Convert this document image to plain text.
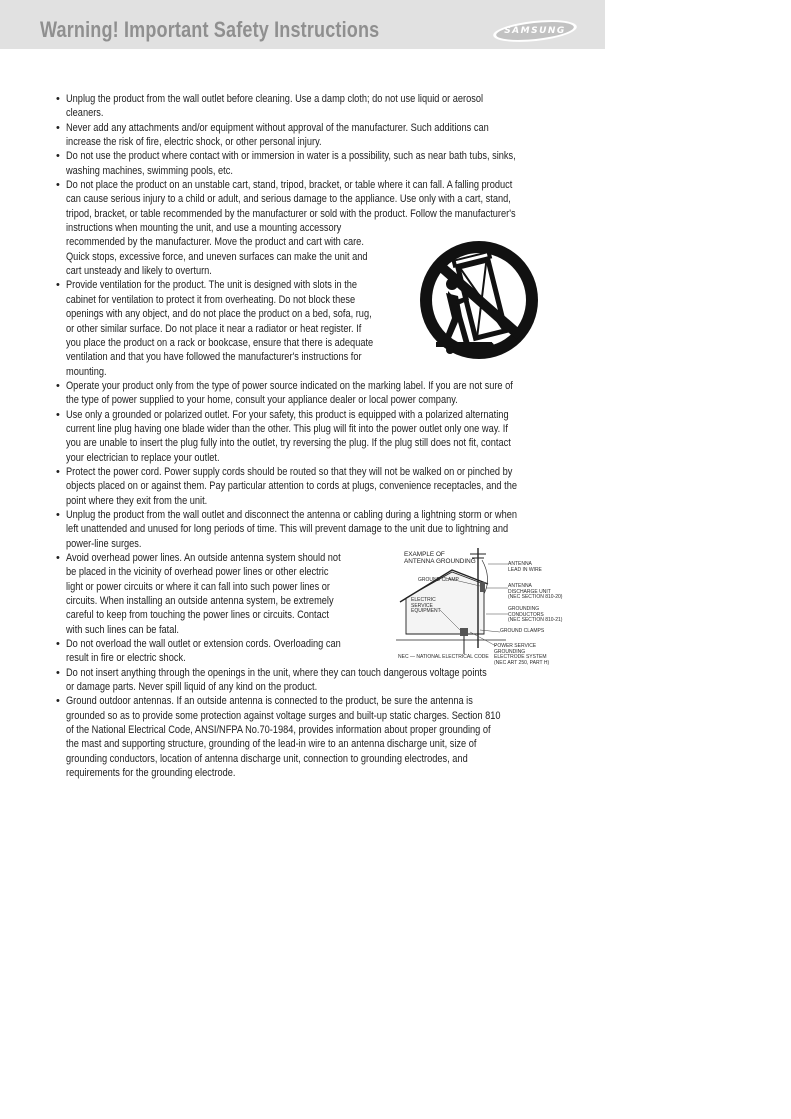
Warning! Important Safety Instructions	SAMSUNG
• Unplug the product from the wall outlet before cleaning. Use a damp cloth; do not use liquid or aerosol
cleaners.
• Never add any attachments and/or equipment without approval of the manufacturer. Such additions can
increase the risk of fire, electric shock, or other personal injury.
• Do not use the product where contact with or immersion in water is a possibility, such as near bath tubs, sinks,
washing machines, swimming pools, etc.
• Do not place the product on an unstable cart, stand, tripod, bracket, or table where it can fall. A falling product
can cause serious injury to a child or adult, and serious damage to the appliance. Use only with a cart, stand,
tripod, bracket, or table recommended by the manufacturer or sold with the product. Follow the manufacturer's
instructions when mounting the unit, and use a mounting accessory
recommended by the manufacturer. Move the product and cart with care.
Quick stops, excessive force, and uneven surfaces can make the unit and
cart unsteady and likely to overturn.
• Provide ventilation for the product. The unit is designed with slots in the
cabinet for ventilation to protect it from overheating. Do not block these
openings with any object, and do not place the product on a bed, sofa, rug,
or other similar surface. Do not place it near a radiator or heat register. If
you place the product on a rack or bookcase, ensure that there is adequate
ventilation and that you have followed the manufacturer's instructions for
mounting.
• Operate your product only from the type of power source indicated on the marking label. If you are not sure of
the type of power supplied to your home, consult your appliance dealer or local power company.
• Use only a grounded or polarized outlet. For your safety, this product is equipped with a polarized alternating
current line plug having one blade wider than the other. This plug will fit into the power outlet only one way. If
you are unable to insert the plug fully into the outlet, try reversing the plug. If the plug still does not fit, contact
your electrician to replace your outlet.
• Protect the power cord. Power supply cords should be routed so that they will not be walked on or pinched by
objects placed on or against them. Pay particular attention to cords at plugs, convenience receptacles, and the
point where they exit from the unit.
• Unplug the product from the wall outlet and disconnect the antenna or cabling during a lightning storm or when
left unattended and unused for long periods of time. This will prevent damage to the unit due to lightning and
power-line surges.
• Avoid overhead power lines. An outside antenna system should not
be placed in the vicinity of overhead power lines or other electric
light or power circuits or where it can fall into such power lines or
circuits. When installing an outside antenna system, be extremely
careful to keep from touching the power lines or circuits. Contact
with such lines can be fatal.
• Do not overload the wall outlet or extension cords. Overloading can
result in fire or electric shock.
• Do not insert anything through the openings in the unit, where they can touch dangerous voltage points
or damage parts. Never spill liquid of any kind on the product.
• Ground outdoor antennas. If an outside antenna is connected to the product, be sure the antenna is
grounded so as to provide some protection against voltage surges and built-up static charges. Section 810
of the National Electrical Code, ANSI/NFPA No.70-1984, provides information about proper grounding of
the mast and supporting structure, grounding of the lead-in wire to an antenna discharge unit, size of
grounding conductors, location of antenna discharge unit, connection to grounding electrodes, and
requirements for the grounding electrode.
EXAMPLE OF
ANTENNA GROUNDING	ANTENNA
LEAD IN WIRE
GROUND CLAMP
ANTENNA
DISCHARGE UNIT
(NEC SECTION 810-20)
ELECTRIC
SERVICE
EQUIPMENT	GROUNDING
CONDUCTORS
(NEC SECTION 810-21)
GROUND CLAMPS
POWER SERVICE GROUNDING
ELECTRODE SYSTEM
(NEC ART 250, PART H)
NEC — NATIONAL ELECTRICAL CODE
